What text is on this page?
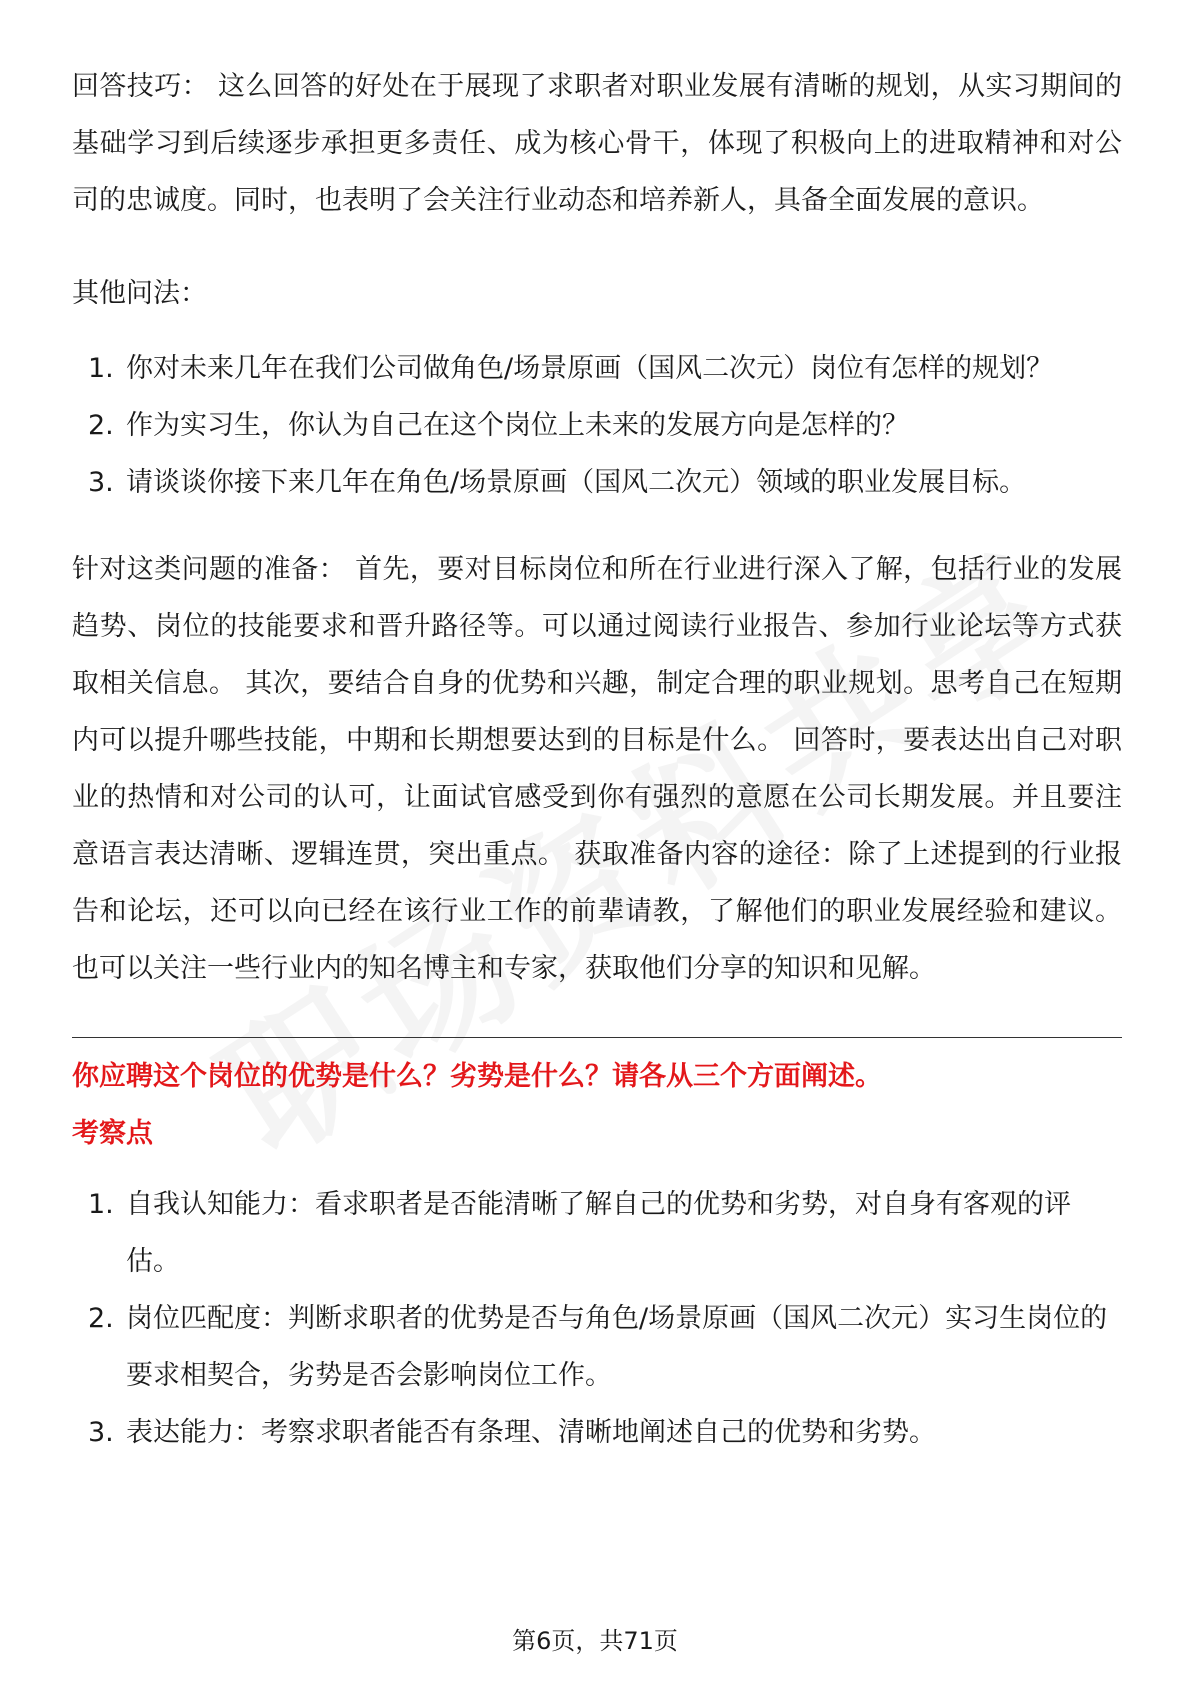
回答技巧： 这么回答的好处在于展现了求职者对职业发展有清晰的规划，从实习期间的基础学习到后续逐步承担更多责任、成为核心骨干，体现了积极向上的进取精神和对公司的忠诚度。同时，也表明了会关注行业动态和培养新人，具备全面发展的意识。

其他问法：

1. 你对未来几年在我们公司做角色/场景原画（国风二次元）岗位有怎样的规划？
2. 作为实习生，你认为自己在这个岗位上未来的发展方向是怎样的？
3. 请谈谈你接下来几年在角色/场景原画（国风二次元）领域的职业发展目标。

针对这类问题的准备： 首先，要对目标岗位和所在行业进行深入了解，包括行业的发展趋势、岗位的技能要求和晋升路径等。可以通过阅读行业报告、参加行业论坛等方式获取相关信息。 其次，要结合自身的优势和兴趣，制定合理的职业规划。思考自己在短期内可以提升哪些技能，中期和长期想要达到的目标是什么。 回答时，要表达出自己对职业的热情和对公司的认可，让面试官感受到你有强烈的意愿在公司长期发展。并且要注意语言表达清晰、逻辑连贯，突出重点。 获取准备内容的途径：除了上述提到的行业报告和论坛，还可以向已经在该行业工作的前辈请教，了解他们的职业发展经验和建议。也可以关注一些行业内的知名博主和专家，获取他们分享的知识和见解。

你应聘这个岗位的优势是什么？劣势是什么？请各从三个方面阐述。

考察点

1. 自我认知能力：看求职者是否能清晰了解自己的优势和劣势，对自身有客观的评估。
2. 岗位匹配度：判断求职者的优势是否与角色/场景原画（国风二次元）实习生岗位的要求相契合，劣势是否会影响岗位工作。
3. 表达能力：考察求职者能否有条理、清晰地阐述自己的优势和劣势。
第6页，共71页
